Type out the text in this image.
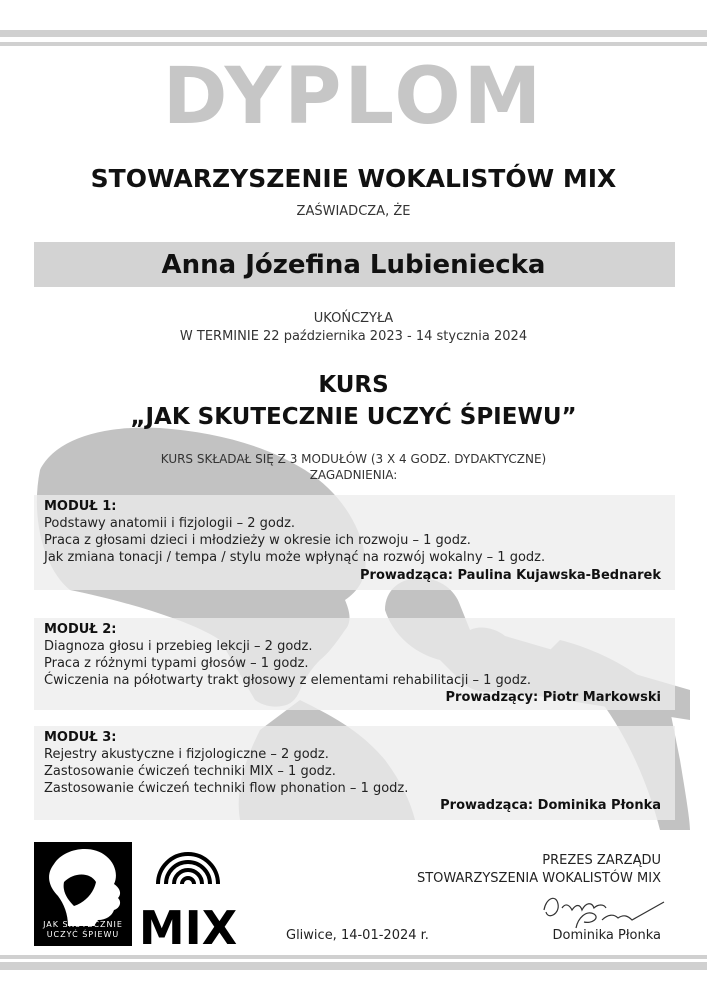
DYPLOM
STOWARZYSZENIE WOKALISTÓW MIX
ZAŚWIADCZA, ŻE
Anna Józefina Lubieniecka
UKOŃCZYŁA
W TERMINIE 22 października 2023 - 14 stycznia 2024
KURS
„JAK SKUTECZNIE UCZYĆ ŚPIEWU”
KURS SKŁADAŁ SIĘ Z 3 MODUŁÓW (3 X 4 GODZ. DYDAKTYCZNE)
ZAGADNIENIA:
MODUŁ 1:
Podstawy anatomii i fizjologii – 2 godz.
Praca z głosami dzieci i młodzieży w okresie ich rozwoju – 1 godz.
Jak zmiana tonacji / tempa / stylu może wpłynąć na rozwój wokalny – 1 godz.
Prowadząca: Paulina Kujawska-Bednarek
MODUŁ 2:
Diagnoza głosu i przebieg lekcji – 2 godz.
Praca z różnymi typami głosów – 1 godz.
Ćwiczenia na półotwarty trakt głosowy z elementami rehabilitacji – 1 godz.
Prowadzący: Piotr Markowski
MODUŁ 3:
Rejestry akustyczne i fizjologiczne – 2 godz.
Zastosowanie ćwiczeń techniki MIX – 1 godz.
Zastosowanie ćwiczeń techniki flow phonation – 1 godz.
Prowadząca: Dominika Płonka
JAK SKUTECZNIE
UCZYĆ ŚPIEWU MIX	Gliwice, 14-01-2024 r.
PREZES ZARZĄDU
STOWARZYSZENIA WOKALISTÓW MIX
Dominika Płonka
